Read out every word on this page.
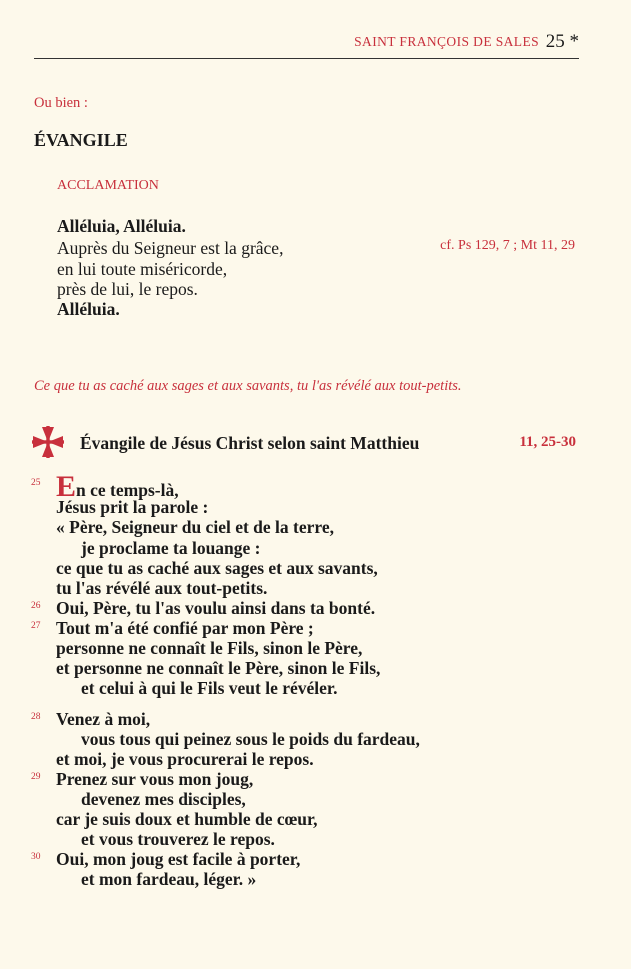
SAINT FRANÇOIS DE SALES 25 *
Ou bien :
ÉVANGILE
ACCLAMATION
Alléluia, Alléluia.
Auprès du Seigneur est la grâce,
en lui toute miséricorde,
près de lui, le repos.
Alléluia.
cf. Ps 129, 7 ; Mt 11, 29
Ce que tu as caché aux sages et aux savants, tu l'as révélé aux tout-petits.
Évangile de Jésus Christ selon saint Matthieu	11, 25-30
25 En ce temps-là,
Jésus prit la parole :
« Père, Seigneur du ciel et de la terre,
je proclame ta louange :
ce que tu as caché aux sages et aux savants,
tu l'as révélé aux tout-petits.
26 Oui, Père, tu l'as voulu ainsi dans ta bonté.
27 Tout m'a été confié par mon Père ;
personne ne connaît le Fils, sinon le Père,
et personne ne connaît le Père, sinon le Fils,
et celui à qui le Fils veut le révéler.
28 Venez à moi,
vous tous qui peinez sous le poids du fardeau,
et moi, je vous procurerai le repos.
29 Prenez sur vous mon joug,
devenez mes disciples,
car je suis doux et humble de cœur,
et vous trouverez le repos.
30 Oui, mon joug est facile à porter,
et mon fardeau, léger. »
